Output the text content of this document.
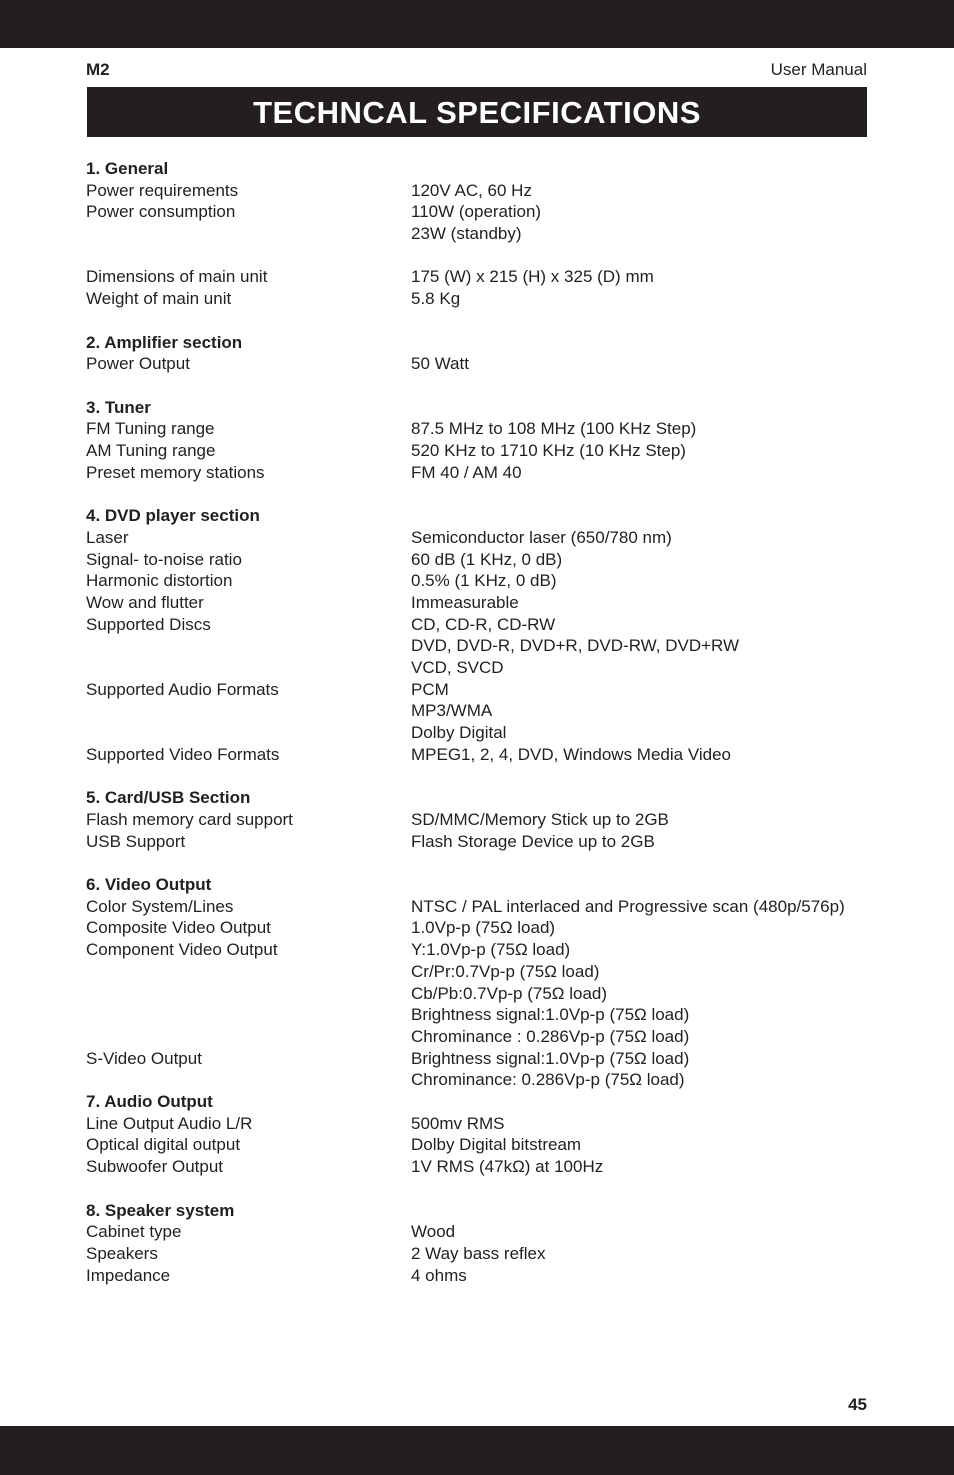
M2	User Manual
TECHNCAL SPECIFICATIONS
1. General
Power requirements	120V AC, 60 Hz
Power consumption	110W (operation)
23W (standby)
Dimensions of main unit	175 (W) x 215 (H) x 325 (D) mm
Weight of main unit	5.8 Kg
2. Amplifier section
Power Output	50 Watt
3. Tuner
FM Tuning range	87.5 MHz to 108 MHz (100 KHz Step)
AM Tuning range	520 KHz to 1710 KHz (10 KHz Step)
Preset memory stations	FM 40 / AM 40
4. DVD player section
Laser	Semiconductor laser (650/780 nm)
Signal- to-noise ratio	60 dB (1 KHz, 0 dB)
Harmonic distortion	0.5% (1 KHz, 0 dB)
Wow and flutter	Immeasurable
Supported Discs	CD, CD-R, CD-RW
DVD, DVD-R, DVD+R, DVD-RW, DVD+RW
VCD, SVCD
Supported Audio Formats	PCM
MP3/WMA
Dolby Digital
Supported Video Formats	MPEG1, 2, 4, DVD, Windows Media Video
5. Card/USB Section
Flash memory card support	SD/MMC/Memory Stick up to 2GB
USB Support	Flash Storage Device up to 2GB
6. Video Output
Color System/Lines	NTSC / PAL interlaced and Progressive scan (480p/576p)
Composite Video Output	1.0Vp-p (75Ω load)
Component Video Output	Y:1.0Vp-p (75Ω load)
Cr/Pr:0.7Vp-p (75Ω load)
Cb/Pb:0.7Vp-p (75Ω load)
Brightness signal:1.0Vp-p (75Ω load)
Chrominance : 0.286Vp-p (75Ω load)
S-Video Output	Brightness signal:1.0Vp-p (75Ω load)
Chrominance: 0.286Vp-p (75Ω load)
7. Audio Output
Line Output Audio L/R	500mv RMS
Optical digital output	Dolby Digital bitstream
Subwoofer Output	1V RMS (47kΩ) at 100Hz
8. Speaker system
Cabinet type	Wood
Speakers	2 Way bass reflex
Impedance	4 ohms
45
